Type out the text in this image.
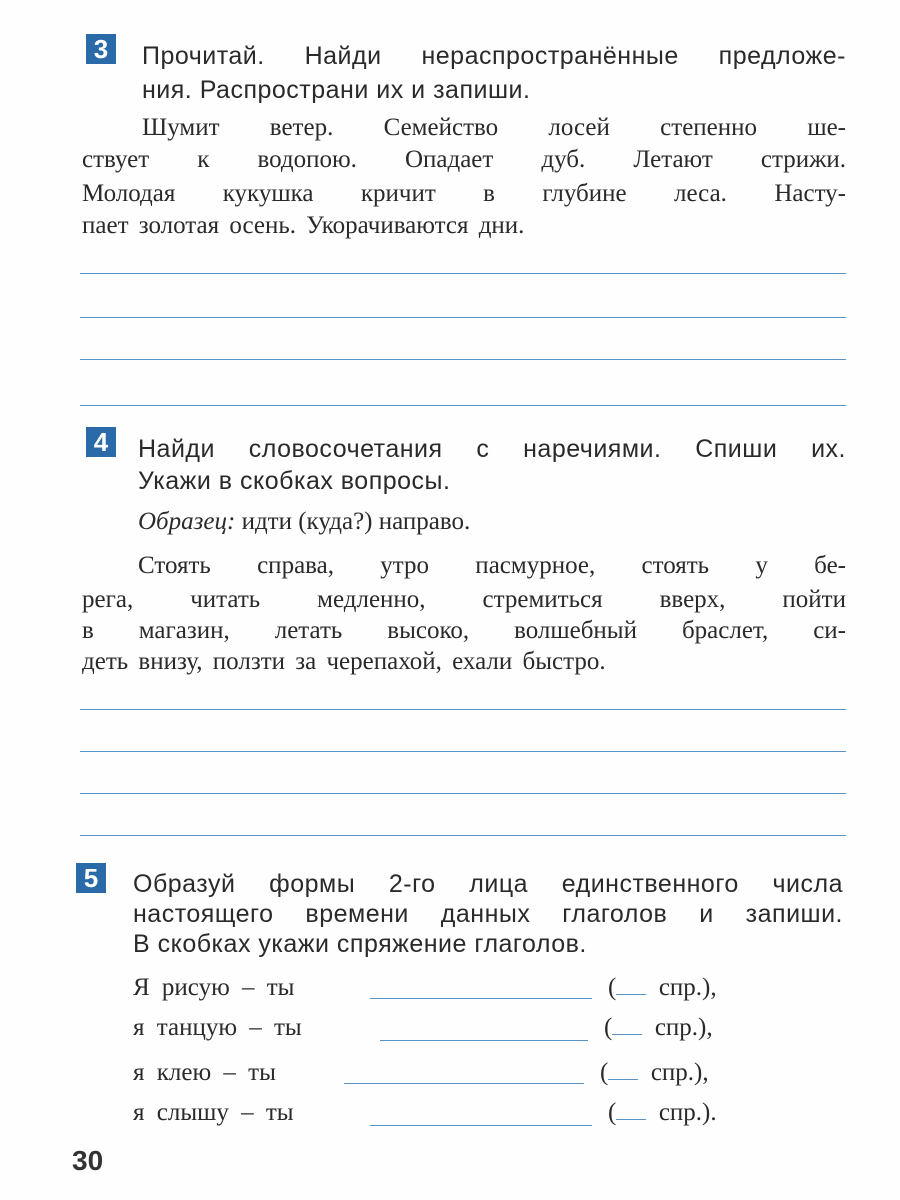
3	Прочитай. Найди нераспространённые предложе-
ния. Распространи их и запиши.
Шумит ветер. Семейство лосей степенно ше-
ствует к водопою. Опадает дуб. Летают стрижи.
Молодая кукушка кричит в глубине леса. Насту-
пает золотая осень. Укорачиваются дни.
4	Найди словосочетания с наречиями. Спиши их.
Укажи в скобках вопросы.
Образец: идти (куда?) направо.
Стоять справа, утро пасмурное, стоять у бе-
рега, читать медленно, стремиться вверх, пойти
в магазин, летать высоко, волшебный браслет, си-
деть внизу, ползти за черепахой, ехали быстро.
5	Образуй формы 2-го лица единственного числа
настоящего времени данных глаголов и запиши.
В скобках укажи спряжение глаголов.
Я рисую – ты	( спр.),
я танцую – ты	( спр.),
я клею – ты	( спр.),
я слышу – ты	( спр.).
30
